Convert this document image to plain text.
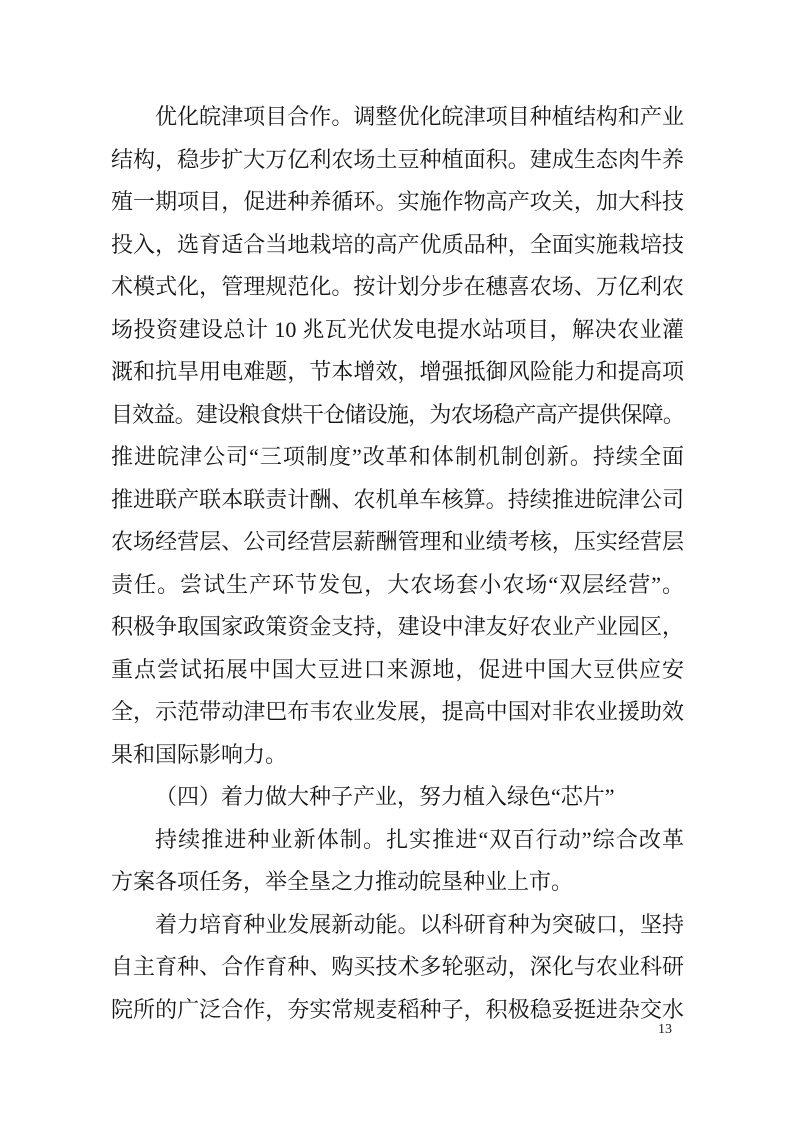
优化皖津项目合作。调整优化皖津项目种植结构和产业
结构，稳步扩大万亿利农场土豆种植面积。建成生态肉牛养
殖一期项目，促进种养循环。实施作物高产攻关，加大科技
投入，选育适合当地栽培的高产优质品种，全面实施栽培技
术模式化，管理规范化。按计划分步在穗喜农场、万亿利农
场投资建设总计 10 兆瓦光伏发电提水站项目，解决农业灌
溉和抗旱用电难题，节本增效，增强抵御风险能力和提高项
目效益。建设粮食烘干仓储设施，为农场稳产高产提供保障。
推进皖津公司“三项制度”改革和体制机制创新。持续全面
推进联产联本联责计酬、农机单车核算。持续推进皖津公司
农场经营层、公司经营层薪酬管理和业绩考核，压实经营层
责任。尝试生产环节发包，大农场套小农场“双层经营”。
积极争取国家政策资金支持，建设中津友好农业产业园区，
重点尝试拓展中国大豆进口来源地，促进中国大豆供应安
全，示范带动津巴布韦农业发展，提高中国对非农业援助效
果和国际影响力。
（四）着力做大种子产业，努力植入绿色“芯片”
持续推进种业新体制。扎实推进“双百行动”综合改革
方案各项任务，举全垦之力推动皖垦种业上市。
着力培育种业发展新动能。以科研育种为突破口，坚持
自主育种、合作育种、购买技术多轮驱动，深化与农业科研
院所的广泛合作，夯实常规麦稻种子，积极稳妥挺进杂交水
13
